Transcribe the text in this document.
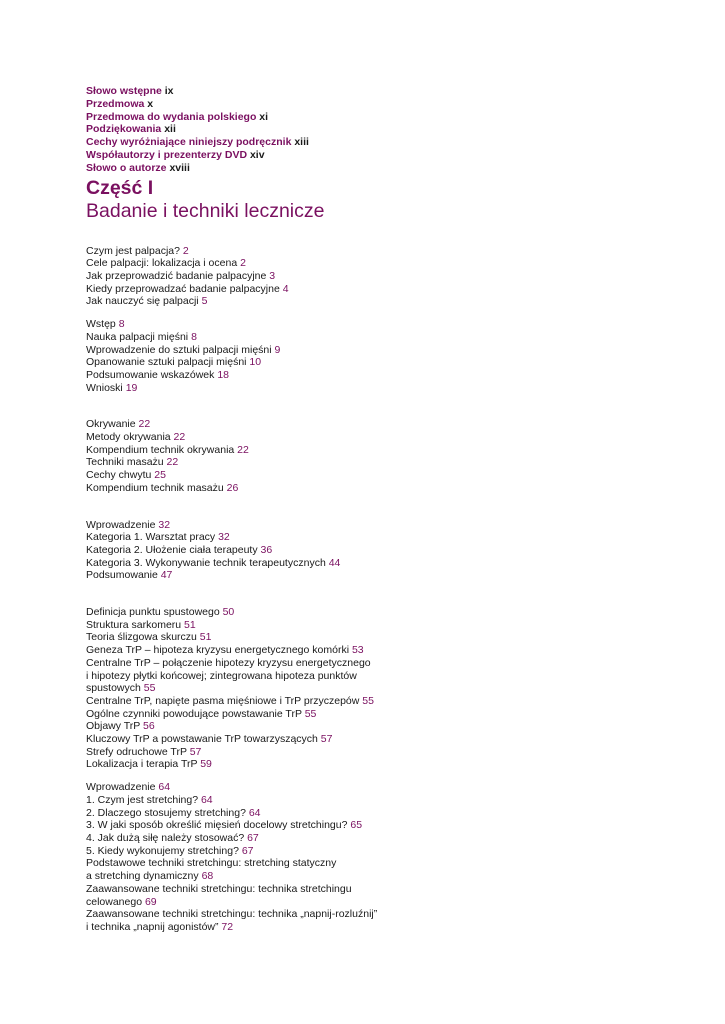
Słowo wstępne ix
Przedmowa x
Przedmowa do wydania polskiego xi
Podziękowania xii
Cechy wyróżniające niniejszy podręcznik xiii
Współautorzy i prezenterzy DVD xiv
Słowo o autorze xviii
Część I
Badanie i techniki lecznicze
Czym jest palpacja? 2
Cele palpacji: lokalizacja i ocena 2
Jak przeprowadzić badanie palpacyjne 3
Kiedy przeprowadzać badanie palpacyjne 4
Jak nauczyć się palpacji 5
Wstęp 8
Nauka palpacji mięśni 8
Wprowadzenie do sztuki palpacji mięśni 9
Opanowanie sztuki palpacji mięśni 10
Podsumowanie wskazówek 18
Wnioski 19
Okrywanie 22
Metody okrywania 22
Kompendium technik okrywania 22
Techniki masażu 22
Cechy chwytu 25
Kompendium technik masażu 26
Wprowadzenie 32
Kategoria 1. Warsztat pracy 32
Kategoria 2. Ułożenie ciała terapeuty 36
Kategoria 3. Wykonywanie technik terapeutycznych 44
Podsumowanie 47
Definicja punktu spustowego 50
Struktura sarkomeru 51
Teoria ślizgowa skurczu 51
Geneza TrP – hipoteza kryzysu energetycznego komórki 53
Centralne TrP – połączenie hipotezy kryzysu energetycznego
i hipotezy płytki końcowej; zintegrowana hipoteza punktów
spustowych 55
Centralne TrP, napięte pasma mięśniowe i TrP przyczepów 55
Ogólne czynniki powodujące powstawanie TrP 55
Objawy TrP 56
Kluczowy TrP a powstawanie TrP towarzyszących 57
Strefy odruchowe TrP 57
Lokalizacja i terapia TrP 59
Wprowadzenie 64
1. Czym jest stretching? 64
2. Dlaczego stosujemy stretching? 64
3. W jaki sposób określić mięsień docelowy stretchingu? 65
4. Jak dużą siłę należy stosować? 67
5. Kiedy wykonujemy stretching? 67
Podstawowe techniki stretchingu: stretching statyczny
a stretching dynamiczny 68
Zaawansowane techniki stretchingu: technika stretchingu
celowanego 69
Zaawansowane techniki stretchingu: technika „napnij-rozluźnij”
i technika „napnij agonistów” 72
